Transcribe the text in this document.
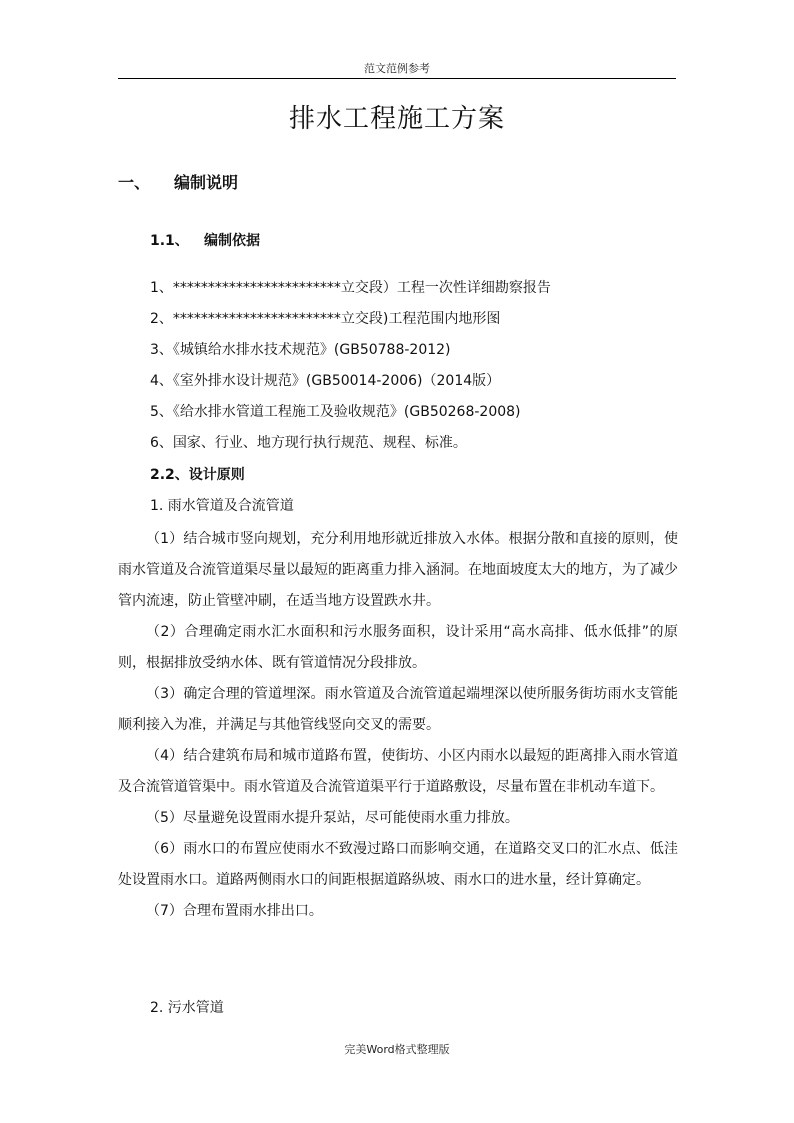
范文范例参考
排水工程施工方案
一、 编制说明
1.1、 编制依据
1、************************立交段）工程一次性详细勘察报告
2、************************立交段)工程范围内地形图
3、《城镇给水排水技术规范》(GB50788-2012)
4、《室外排水设计规范》(GB50014-2006)（2014版）
5、《给水排水管道工程施工及验收规范》(GB50268-2008)
6、国家、行业、地方现行执行规范、规程、标准。
2.2、设计原则
1. 雨水管道及合流管道

（1）结合城市竖向规划，充分利用地形就近排放入水体。根据分散和直接的原则，使雨水管道及合流管道渠尽量以最短的距离重力排入涵洞。在地面坡度太大的地方，为了减少管内流速，防止管壁冲刷，在适当地方设置跌水井。

（2）合理确定雨水汇水面积和污水服务面积，设计采用“高水高排、低水低排”的原则，根据排放受纳水体、既有管道情况分段排放。

（3）确定合理的管道埋深。雨水管道及合流管道起端埋深以使所服务街坊雨水支管能顺利接入为准，并满足与其他管线竖向交叉的需要。

（4）结合建筑布局和城市道路布置，使街坊、小区内雨水以最短的距离排入雨水管道及合流管道管渠中。雨水管道及合流管道渠平行于道路敷设，尽量布置在非机动车道下。

（5）尽量避免设置雨水提升泵站，尽可能使雨水重力排放。

（6）雨水口的布置应使雨水不致漫过路口而影响交通，在道路交叉口的汇水点、低洼处设置雨水口。道路两侧雨水口的间距根据道路纵坡、雨水口的进水量，经计算确定。

（7）合理布置雨水排出口。

2. 污水管道
完美Word格式整理版
